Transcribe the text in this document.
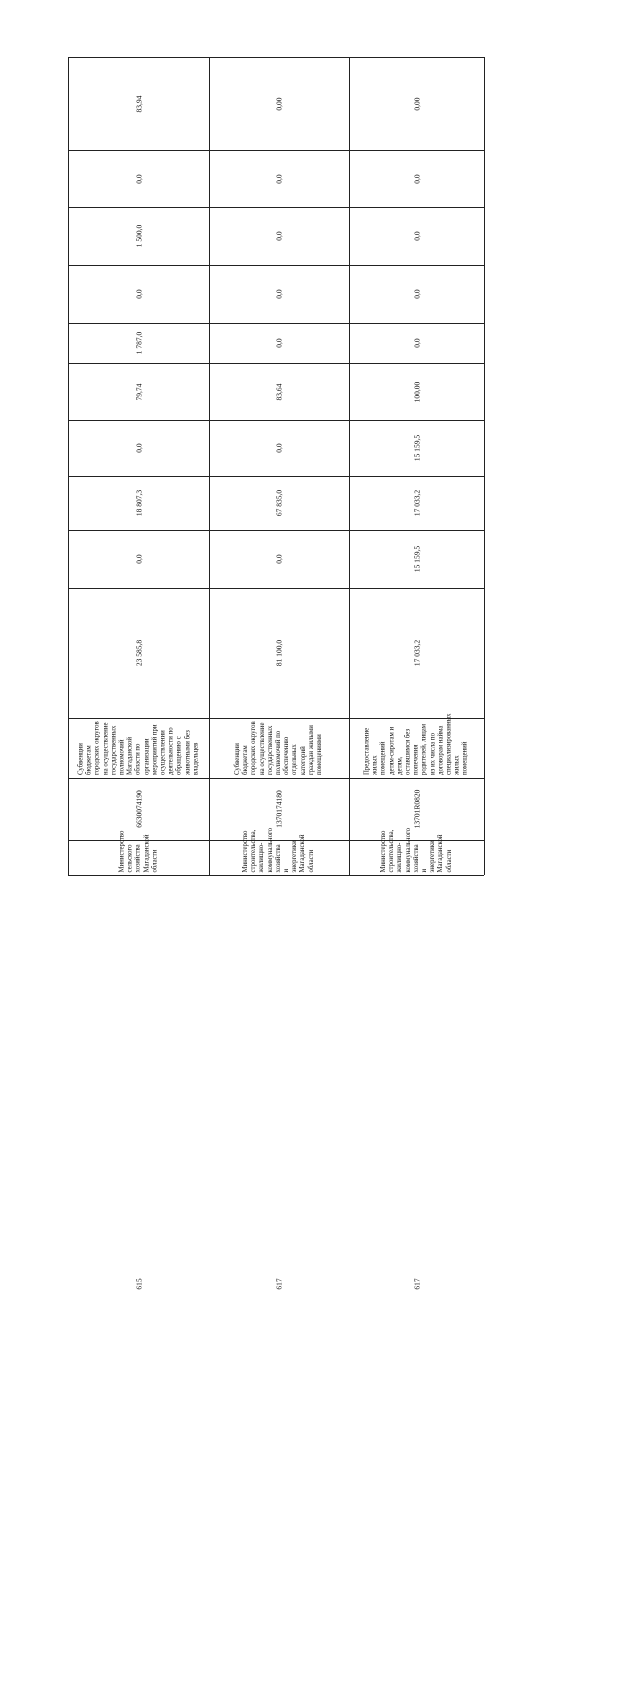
83,94
0,0
1 500,0
0,0
1 787,0
79,74
0,0
18 807,3
0,0
23 585,8
Субвенции бюджетам городских округов на осуществление государственных полномочий Магаданской области по организации мероприятий при осуществлении деятельности по обращению с животными без владельцев
6630074190
Министерство сельского хозяйства Магаданской области
615
0,00
0,0
0,0
0,0
0,0
83,64
0,0
67 835,0
0,0
81 100,0
Субвенции бюджетам городских округов на осуществление государственных полномочий по обеспечению отдельных категорий граждан жилыми помещениями
1370174180
Министерство строительства, жилищно-коммунального хозяйства и энергетики Магаданской области
617
0,00
0,0
0,0
0,0
0,0
100,00
15 159,5
17 033,2
15 159,5
17 033,2
Предоставление жилых помещений детям-сиротам и детям, оставшимся без попечения родителей, лицам из их числа по договорам найма специализированных жилых помещений
13701R0820
Министерство строительства, жилищно-коммунального хозяйства и энергетики Магаданской области
617
